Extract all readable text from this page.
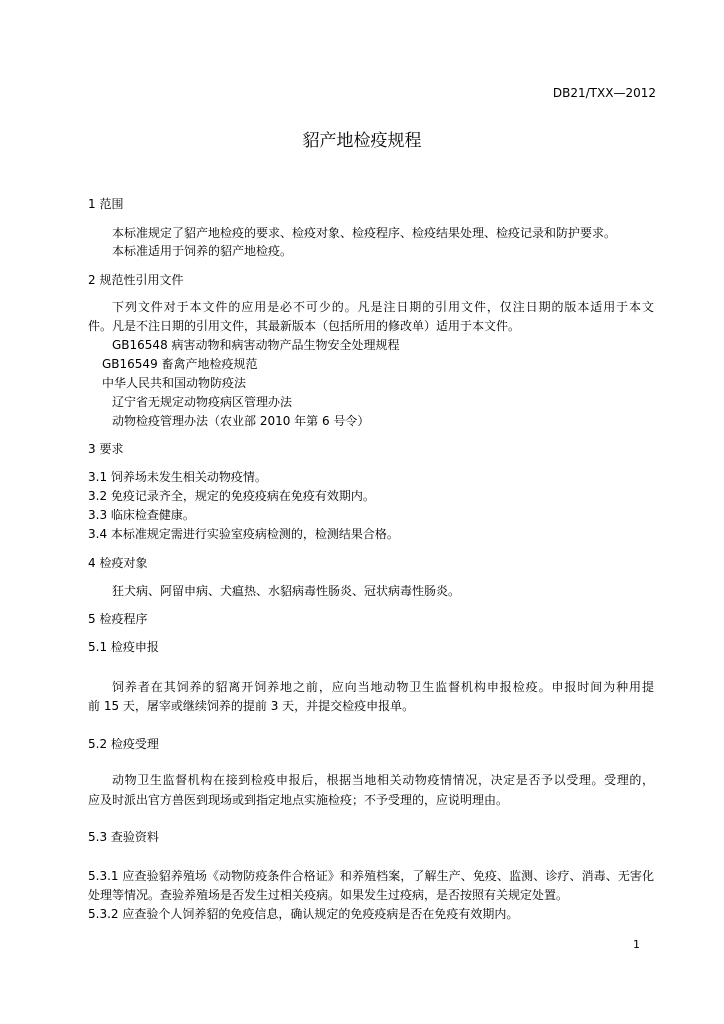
DB21/TXX—2012
貂产地检疫规程
1 范围
本标准规定了貂产地检疫的要求、检疫对象、检疫程序、检疫结果处理、检疫记录和防护要求。
本标准适用于饲养的貂产地检疫。
2 规范性引用文件
下列文件对于本文件的应用是必不可少的。凡是注日期的引用文件，仅注日期的版本适用于本文
件。凡是不注日期的引用文件，其最新版本（包括所用的修改单）适用于本文件。
GB16548 病害动物和病害动物产品生物安全处理规程
GB16549 畜禽产地检疫规范
中华人民共和国动物防疫法
辽宁省无规定动物疫病区管理办法
动物检疫管理办法（农业部 2010 年第 6 号令）
3 要求
3.1 饲养场未发生相关动物疫情。
3.2 免疫记录齐全，规定的免疫疫病在免疫有效期内。
3.3 临床检查健康。
3.4 本标准规定需进行实验室疫病检测的，检测结果合格。
4 检疫对象
狂犬病、阿留申病、犬瘟热、水貂病毒性肠炎、冠状病毒性肠炎。
5 检疫程序
5.1 检疫申报
饲养者在其饲养的貂离开饲养地之前，应向当地动物卫生监督机构申报检疫。申报时间为种用提
前 15 天，屠宰或继续饲养的提前 3 天，并提交检疫申报单。
5.2 检疫受理
动物卫生监督机构在接到检疫申报后，根据当地相关动物疫情情况，决定是否予以受理。受理的，
应及时派出官方兽医到现场或到指定地点实施检疫；不予受理的，应说明理由。
5.3 查验资料
5.3.1 应查验貂养殖场《动物防疫条件合格证》和养殖档案，了解生产、免疫、监测、诊疗、消毒、无害化
处理等情况。查验养殖场是否发生过相关疫病。如果发生过疫病，是否按照有关规定处置。
5.3.2 应查验个人饲养貂的免疫信息，确认规定的免疫疫病是否在免疫有效期内。
1
